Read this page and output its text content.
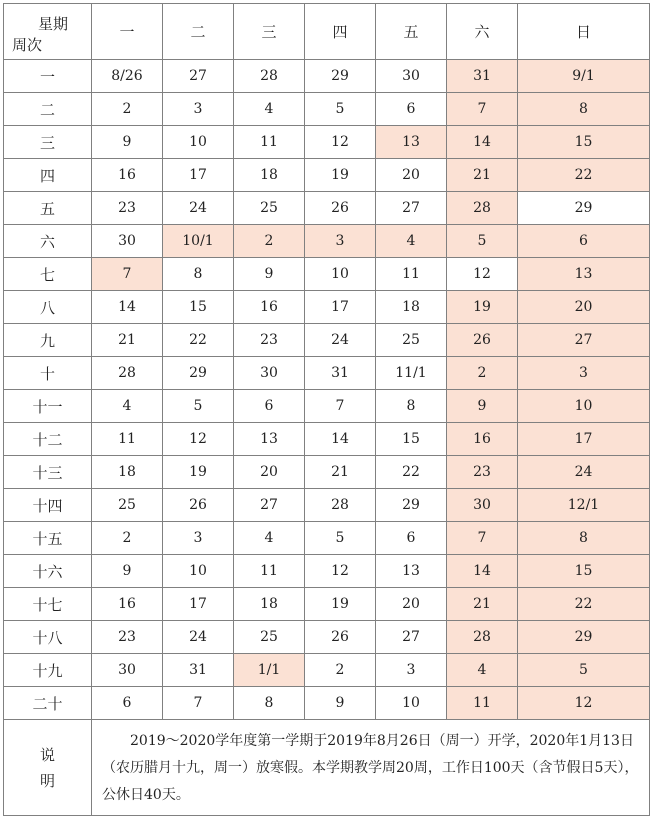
星期
周次	一	二	三	四	五	六	日
一	8/26	27	28	29	30	31	9/1
二	2	3	4	5	6	7	8
三	9	10	11	12	13	14	15
四	16	17	18	19	20	21	22
五	23	24	25	26	27	28	29
六	30	10/1	2	3	4	5	6
七	7	8	9	10	11	12	13
八	14	15	16	17	18	19	20
九	21	22	23	24	25	26	27
十	28	29	30	31	11/1	2	3
十一	4	5	6	7	8	9	10
十二	11	12	13	14	15	16	17
十三	18	19	20	21	22	23	24
十四	25	26	27	28	29	30	12/1
十五	2	3	4	5	6	7	8
十六	9	10	11	12	13	14	15
十七	16	17	18	19	20	21	22
十八	23	24	25	26	27	28	29
十九	30	31	1/1	2	3	4	5
二十	6	7	8	9	10	11	12

说
明	2019～2020学年度第一学期于2019年8月26日（周一）开学，2020年1月13日（农历腊月十九，周一）放寒假。本学期教学周20周，工作日100天（含节假日5天），公休日40天。						
